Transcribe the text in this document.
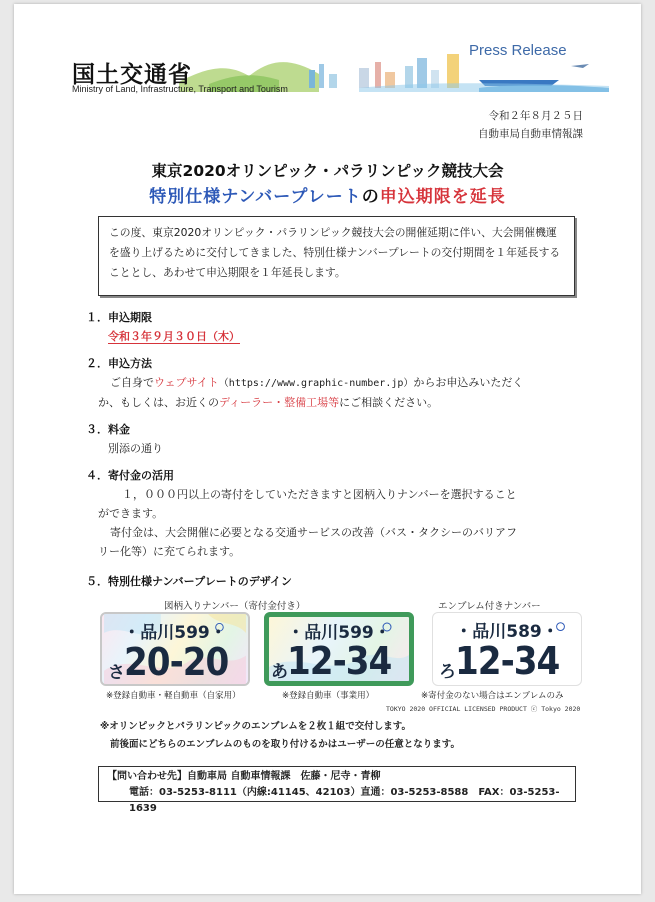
国土交通省
Ministry of Land, Infrastructure, Transport and Tourism
Press Release
令和２年８月２５日
自動車局自動車情報課
東京2020オリンピック・パラリンピック競技大会
特別仕様ナンバープレートの申込期限を延長
この度、東京2020オリンピック・パラリンピック競技大会の開催延期に伴い、大会開催機運を盛り上げるために交付してきました、特別仕様ナンバープレートの交付期間を１年延長することとし、あわせて申込期限を１年延長します。
１．申込期限
令和３年９月３０日（木）
２．申込方法
ご自身でウェブサイト（https://www.graphic-number.jp）からお申込みいただく
か、もしくは、お近くのディーラー・整備工場等にご相談ください。
３．料金
別添の通り
４．寄付金の活用
１，０００円以上の寄付をしていただきますと図柄入りナンバーを選択すること
ができます。
寄付金は、大会開催に必要となる交通サービスの改善（バス・タクシーのバリアフ
リー化等）に充てられます。
５．特別仕様ナンバープレートのデザイン
図柄入りナンバー（寄付金付き）	エンブレム付きナンバー
・品川599・
さ 20-20
※登録自動車・軽自動車（自家用）
・品川599・
あ 12-34
※登録自動車（事業用）
・品川589・
ろ 12-34
※寄付金のない場合はエンブレムのみ
TOKYO 2020 OFFICIAL LICENSED PRODUCT ⓒ Tokyo 2020
※オリンピックとパラリンピックのエンブレムを２枚１組で交付します。
前後面にどちらのエンブレムのものを取り付けるかはユーザーの任意となります。
【問い合わせ先】自動車局 自動車情報課　佐藤・尼寺・青柳
電話：03-5253-8111（内線:41145、42103）直通：03-5253-8588　FAX：03-5253-1639
